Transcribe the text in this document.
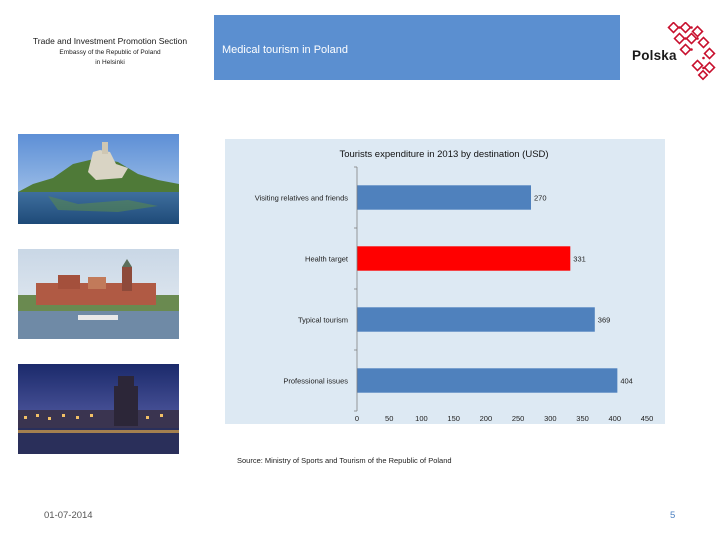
Trade and Investment Promotion Section
Embassy of the Republic of Poland
in Helsinki
Medical tourism in Poland	Polska
Tourists expenditure in 2013 by destination (USD)
Visiting relatives and friends	270
Health target	331
Typical tourism	369
Professional issues	404
0	50	100	150	200	250	300	350	400	450
Source: Ministry of Sports and Tourism of the Republic of Poland
01-07-2014	5
